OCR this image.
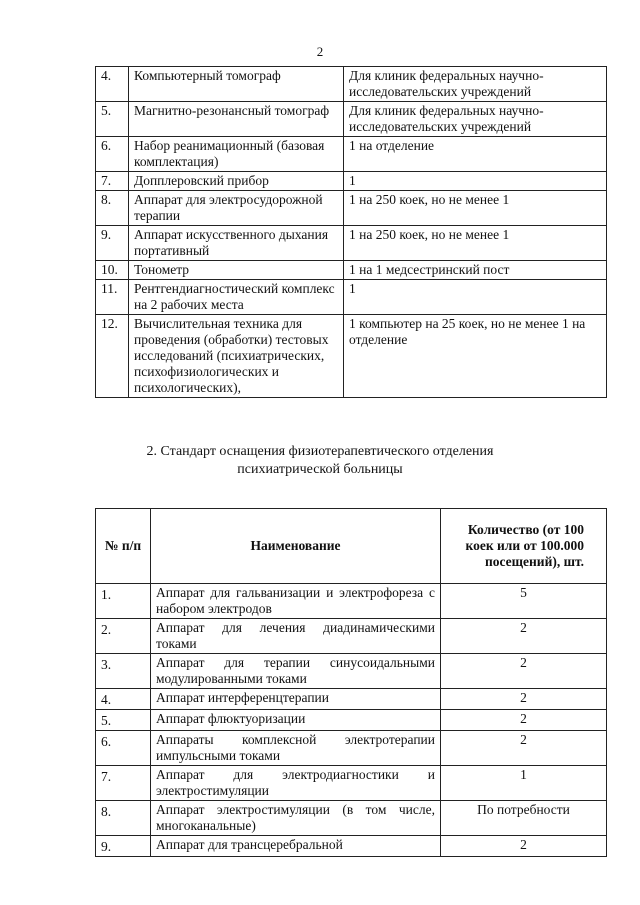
2
4.	Компьютерный томограф	Для клиник федеральных научно-исследовательских учреждений
5.	Магнитно-резонансный томограф	Для клиник федеральных научно-исследовательских учреждений
6.	Набор реанимационный (базовая комплектация)	1 на отделение
7.	Допплеровский прибор	1
8.	Аппарат для электросудорожной терапии	1 на 250 коек, но не менее 1
9.	Аппарат искусственного дыхания портативный	1 на 250 коек, но не менее 1
10.	Тонометр	1 на 1 медсестринский пост
11.	Рентгендиагностический комплекс на 2 рабочих места	1
12.	Вычислительная техника для проведения (обработки) тестовых исследований (психиатрических, психофизиологических и психологических),	1 компьютер на 25 коек, но не менее 1 на отделение
2. Стандарт оснащения физиотерапевтического отделения
психиатрической больницы
№ п/п	Наименование	Количество (от 100 коек или от 100.000 посещений), шт.
1.	Аппарат для гальванизации и электрофореза с набором электродов	5
2.	Аппарат для лечения диадинамическими токами	2
3.	Аппарат для терапии синусоидальными модулированными токами	2
4.	Аппарат интерференцтерапии	2
5.	Аппарат флюктуоризации	2
6.	Аппараты комплексной электротерапии импульсными токами	2
7.	Аппарат для электродиагностики и электростимуляции	1
8.	Аппарат электростимуляции (в том числе, многоканальные)	По потребности
9.	Аппарат для трансцеребральной	2
